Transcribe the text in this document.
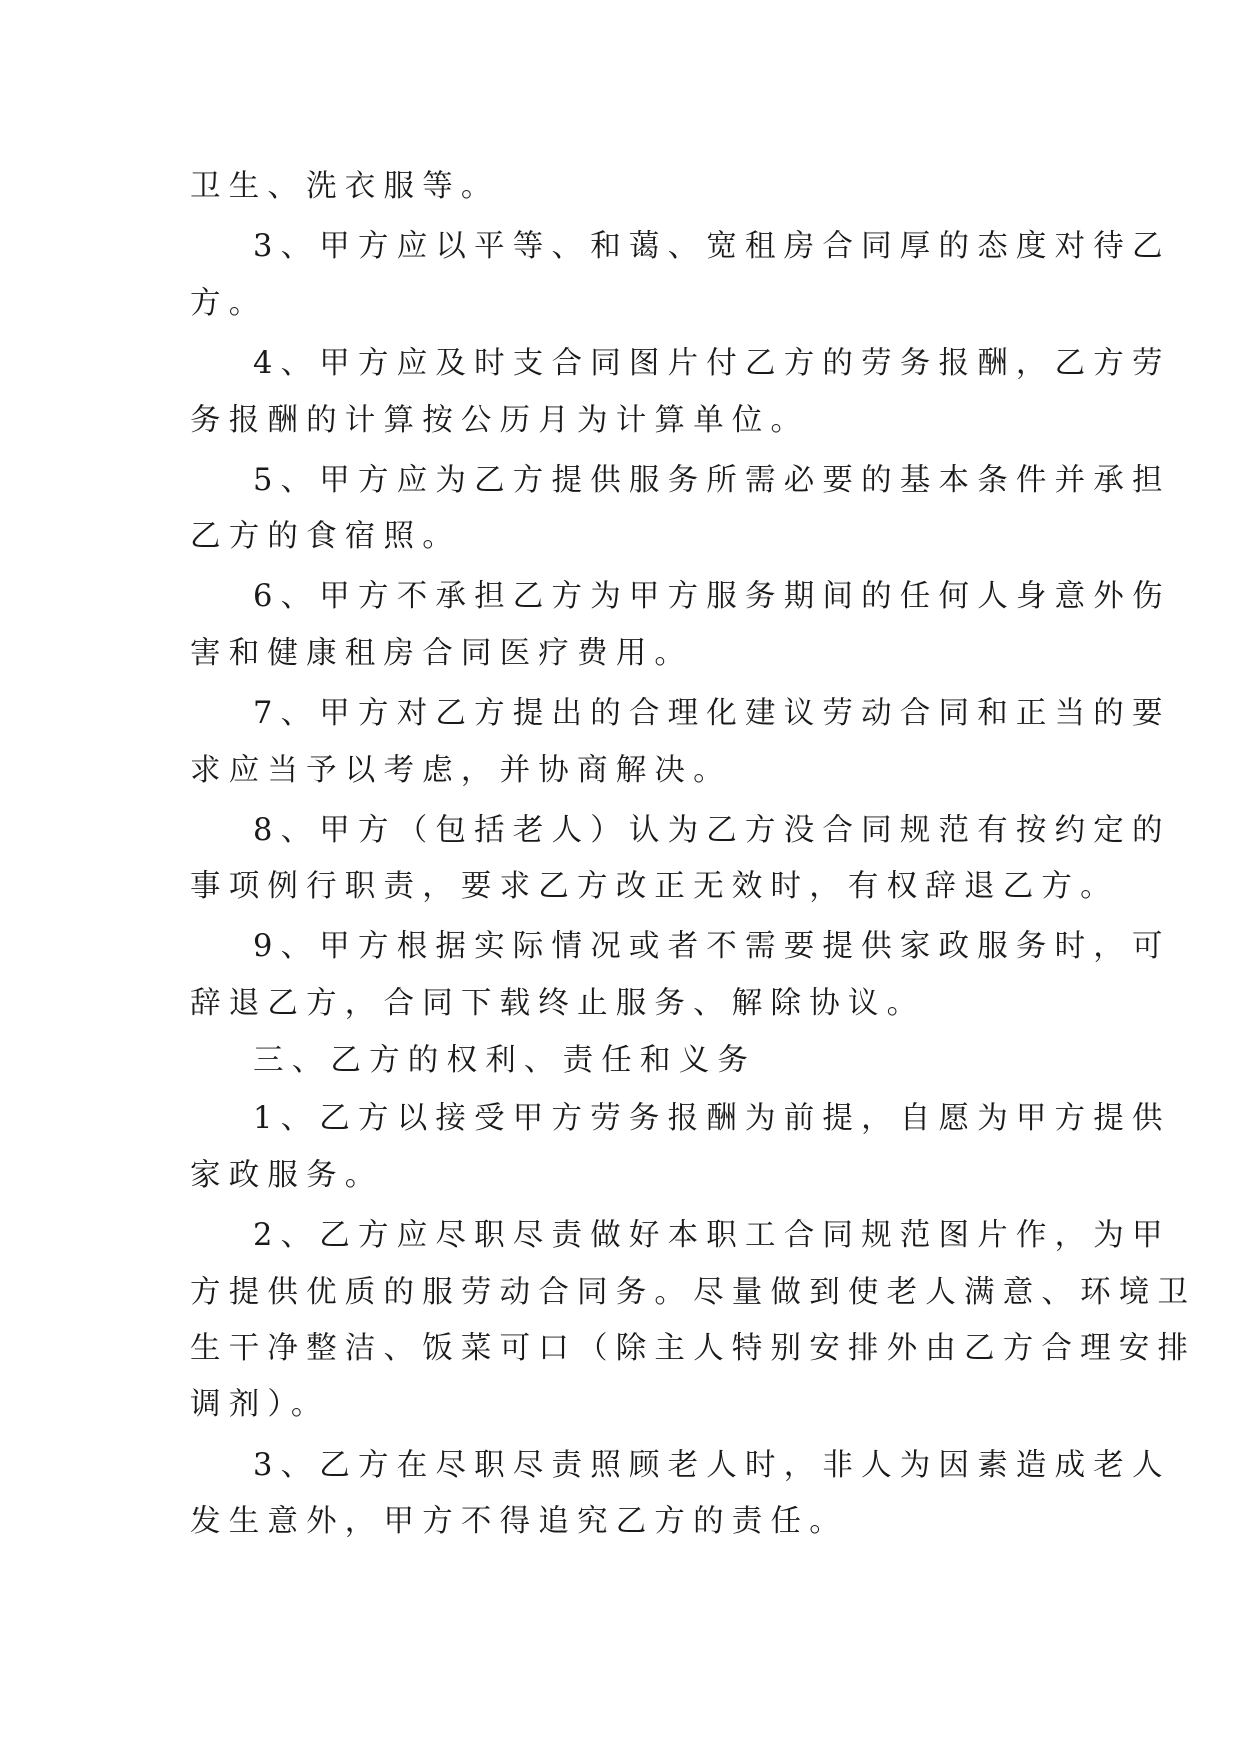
卫生、洗衣服等。
3、甲方应以平等、和蔼、宽租房合同厚的态度对待乙
方。
4、甲方应及时支合同图片付乙方的劳务报酬，乙方劳
务报酬的计算按公历月为计算单位。
5、甲方应为乙方提供服务所需必要的基本条件并承担
乙方的食宿照。
6、甲方不承担乙方为甲方服务期间的任何人身意外伤
害和健康租房合同医疗费用。
7、甲方对乙方提出的合理化建议劳动合同和正当的要
求应当予以考虑，并协商解决。
8、甲方（包括老人）认为乙方没合同规范有按约定的
事项例行职责，要求乙方改正无效时，有权辞退乙方。
9、甲方根据实际情况或者不需要提供家政服务时，可
辞退乙方，合同下载终止服务、解除协议。
三、乙方的权利、责任和义务
1、乙方以接受甲方劳务报酬为前提，自愿为甲方提供
家政服务。
2、乙方应尽职尽责做好本职工合同规范图片作，为甲
方提供优质的服劳动合同务。尽量做到使老人满意、环境卫
生干净整洁、饭菜可口（除主人特别安排外由乙方合理安排
调剂）。
3、乙方在尽职尽责照顾老人时，非人为因素造成老人
发生意外，甲方不得追究乙方的责任。
